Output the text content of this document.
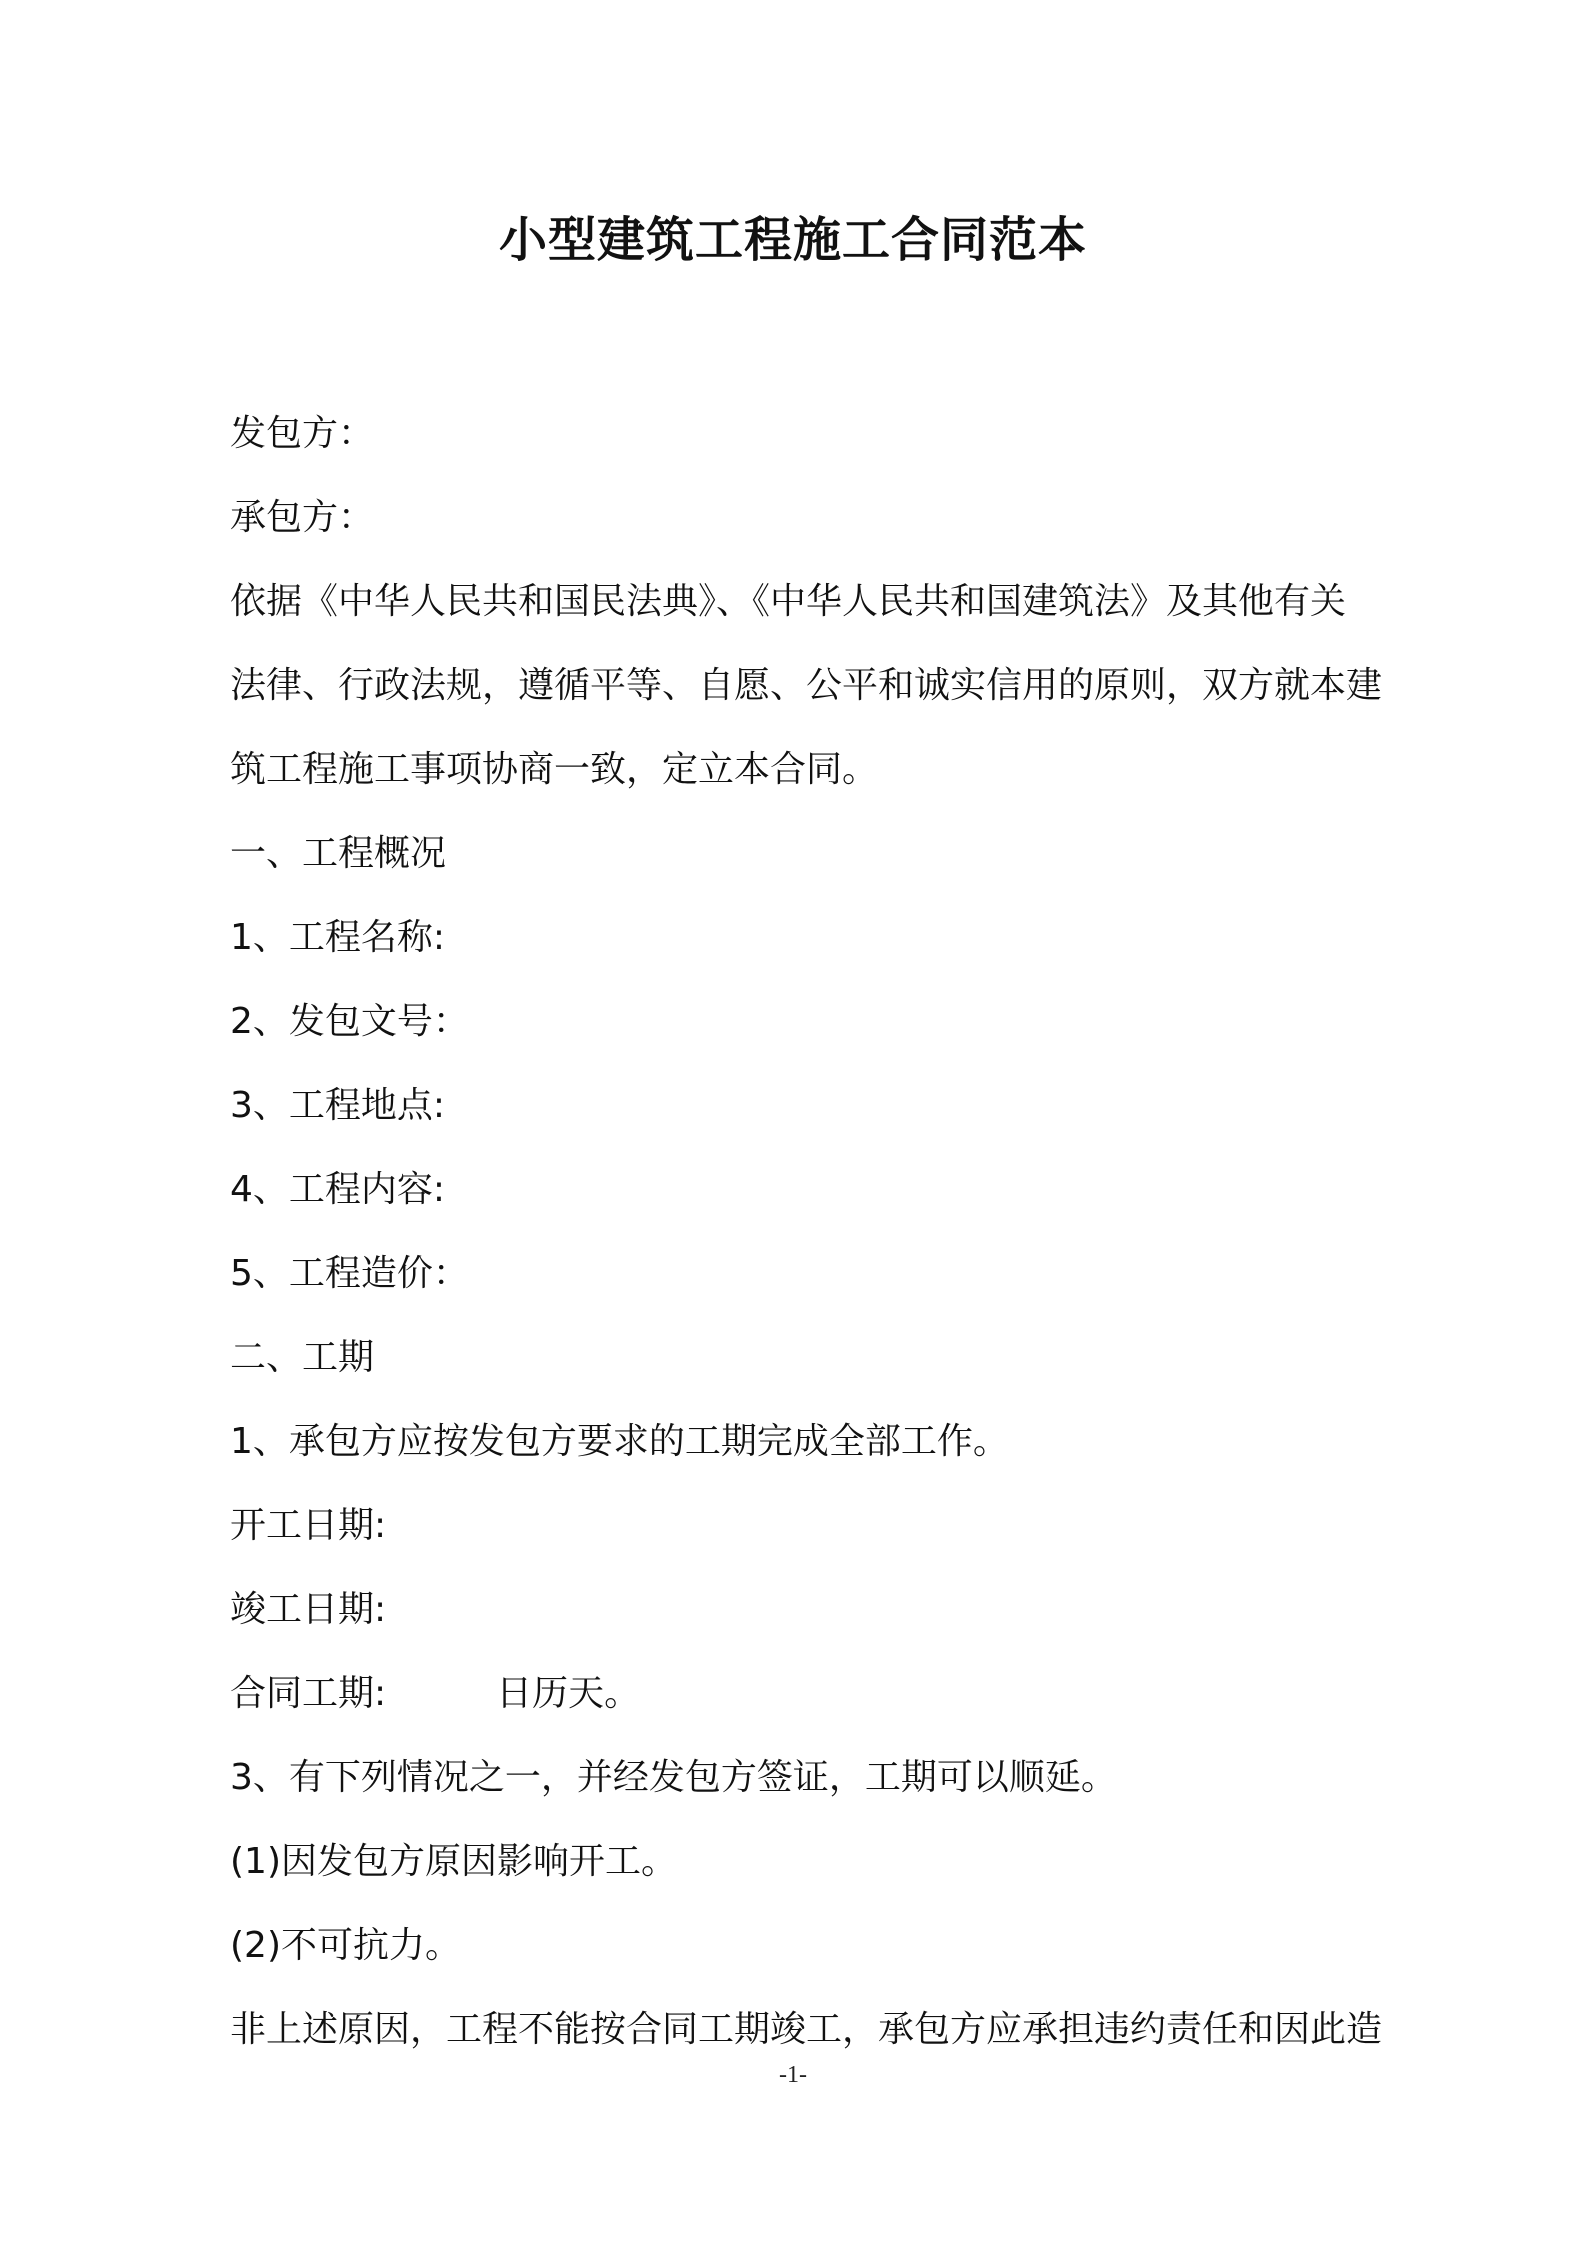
小型建筑工程施工合同范本

发包方：

承包方：

依据《中华人民共和国民法典》、《中华人民共和国建筑法》及其他有关

法律、行政法规，遵循平等、自愿、公平和诚实信用的原则，双方就本建

筑工程施工事项协商一致，定立本合同。

一、工程概况

1、工程名称:

2、发包文号：

3、工程地点:

4、工程内容:

5、工程造价：

二、工期

1、承包方应按发包方要求的工期完成全部工作。

开工日期:

竣工日期:

合同工期:	日历天。

3、有下列情况之一，并经发包方签证，工期可以顺延。

(1)因发包方原因影响开工。

(2)不可抗力。

非上述原因，工程不能按合同工期竣工，承包方应承担违约责任和因此造

-1-
